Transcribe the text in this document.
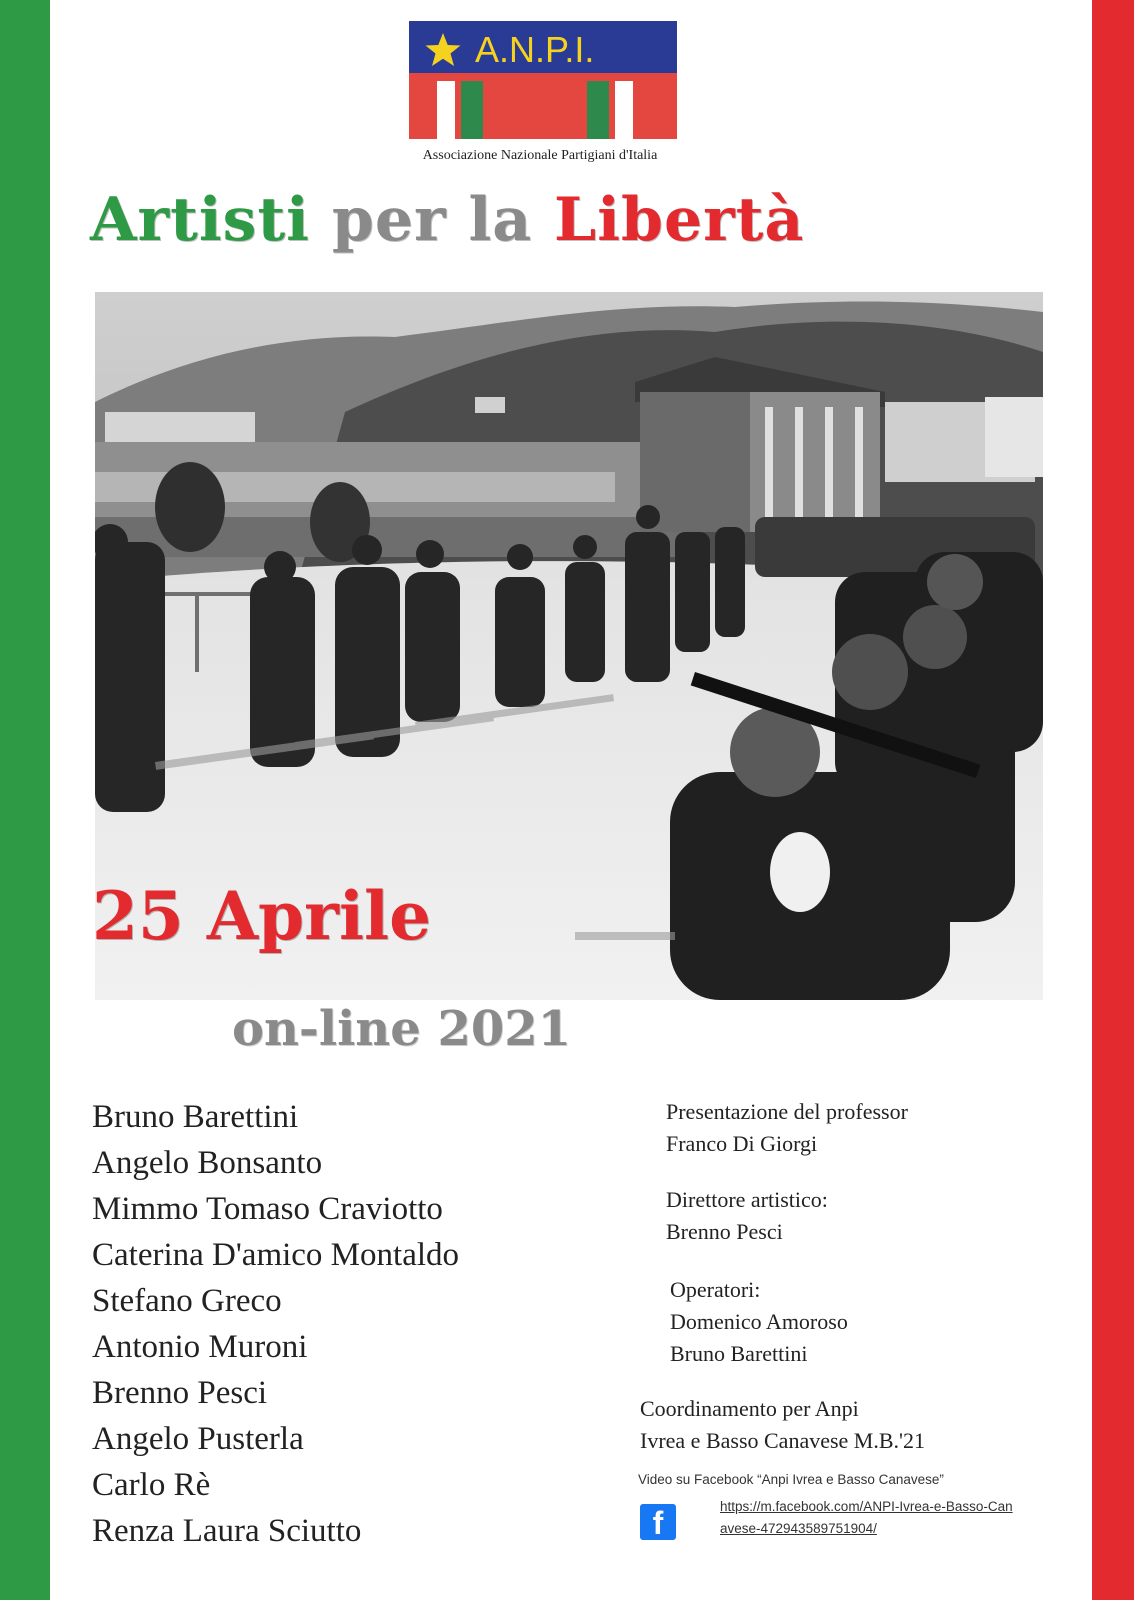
A.N.P.I.
Associazione Nazionale Partigiani d'Italia
Artisti per la Libertà
25 Aprile
on-line 2021
Bruno Barettini
Angelo Bonsanto
Mimmo Tomaso Craviotto
Caterina D'amico Montaldo
Stefano Greco
Antonio Muroni
Brenno Pesci
Angelo Pusterla
Carlo Rè
Renza Laura Sciutto

Presentazione del professor

Franco Di Giorgi

Direttore artistico:

Brenno Pesci

Operatori:

Domenico Amoroso

Bruno Barettini

Coordinamento per Anpi

Ivrea e Basso Canavese M.B.'21

Video su Facebook “Anpi Ivrea e Basso Canavese”

f	https://m.facebook.com/ANPI-Ivrea-e-Basso-Canavese-472943589751904/
